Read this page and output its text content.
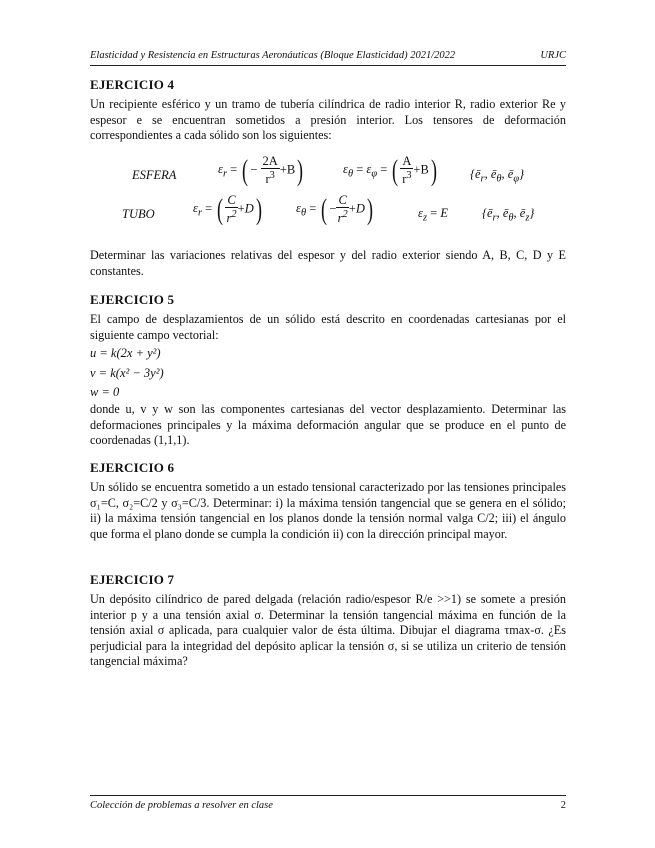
Elasticidad y Resistencia en Estructuras Aeronáuticas (Bloque Elasticidad) 2021/2022	URJC
EJERCICIO 4
Un recipiente esférico y un tramo de tubería cilíndrica de radio interior R, radio exterior Re y espesor e se encuentran sometidos a presión interior. Los tensores de deformación correspondientes a cada sólido son los siguientes:
ESFERA	$\varepsilon_r$ = ( − $\frac{2A}{r^3} +B$)	$\varepsilon_\theta = \varepsilon_\varphi$ = ( $\frac{A}{r^3} +B$)	{$ē_r$, $ē_\theta$, $ē_\varphi$}
TUBO	$\varepsilon_r$ = ( $\frac{C}{r^2} +D$)	$\varepsilon_\theta$ = ( − $\frac{C}{r^2} +D$)	$\varepsilon_z = E$	{$ē_r$, $ē_\theta$, $ē_z$}
Determinar las variaciones relativas del espesor y del radio exterior siendo A, B, C, D y E constantes.
EJERCICIO 5
El campo de desplazamientos de un sólido está descrito en coordenadas cartesianas por el siguiente campo vectorial:
u = k(2x + y²)
v = k(x² − 3y²)
w = 0
donde u, v y w son las componentes cartesianas del vector desplazamiento. Determinar las deformaciones principales y la máxima deformación angular que se produce en el punto de coordenadas (1,1,1).
EJERCICIO 6
Un sólido se encuentra sometido a un estado tensional caracterizado por las tensiones principales σ₁=C, σ₂=C/2 y σ₃=C/3. Determinar: i) la máxima tensión tangencial que se genera en el sólido; ii) la máxima tensión tangencial en los planos donde la tensión normal valga C/2; iii) el ángulo que forma el plano donde se cumpla la condición ii) con la dirección principal mayor.
EJERCICIO 7
Un depósito cilíndrico de pared delgada (relación radio/espesor R/e >>1) se somete a presión interior p y a una tensión axial σ. Determinar la tensión tangencial máxima en función de la tensión axial σ aplicada, para cualquier valor de ésta última. Dibujar el diagrama τmax-σ. ¿Es perjudicial para la integridad del depósito aplicar la tensión σ, si se utiliza un criterio de tensión tangencial máxima?
Colección de problemas a resolver en clase	2
